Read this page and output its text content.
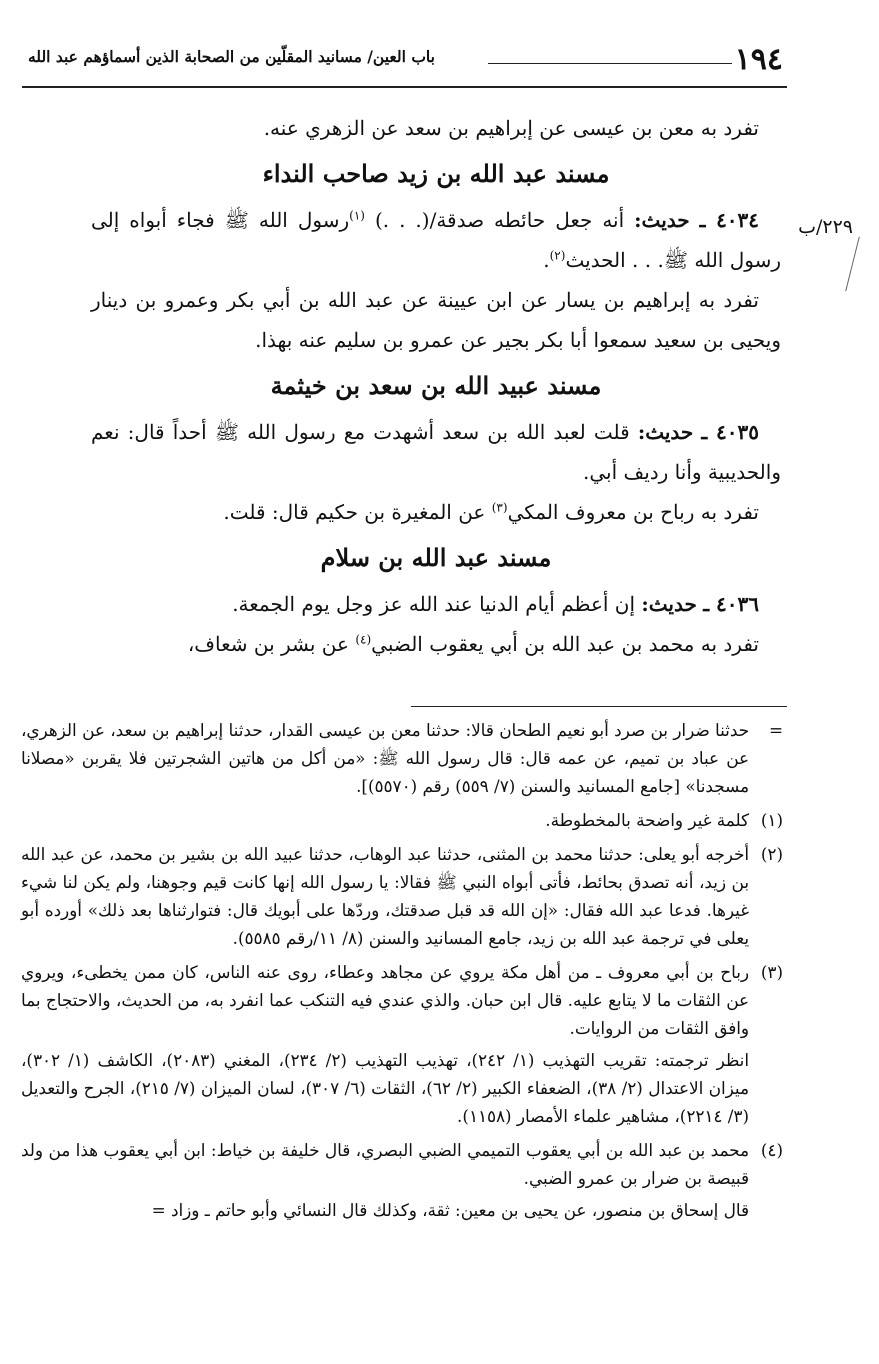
١٩٤
باب العين/ مسانيد المقلّين من الصحابة الذين أسماؤهم عبد الله
٢٢٩/ب

تفرد به معن بن عيسى عن إبراهيم بن سعد عن الزهري عنه.

مسند عبد الله بن زيد صاحب النداء

٤٠٣٤ ـ حديث: أنه جعل حائطه صدقة/(. . .) $^{(١)}$رسول الله ﷺ فجاء أبواه إلى رسول الله ﷺ. . . الحديث$^{(٢)}$.

تفرد به إبراهيم بن يسار عن ابن عيينة عن عبد الله بن أبي بكر وعمرو بن دينار ويحيى بن سعيد سمعوا أبا بكر بجير عن عمرو بن سليم عنه بهذا.

مسند عبيد الله بن سعد بن خيثمة

٤٠٣٥ ـ حديث: قلت لعبد الله بن سعد أشهدت مع رسول الله ﷺ أحداً قال: نعم والحديبية وأنا رديف أبي.

تفرد به رباح بن معروف المكي$^{(٣)}$ عن المغيرة بن حكيم قال: قلت.

مسند عبد الله بن سلام

٤٠٣٦ ـ حديث: إن أعظم أيام الدنيا عند الله عز وجل يوم الجمعة.

تفرد به محمد بن عبد الله بن أبي يعقوب الضبي$^{(٤)}$ عن بشر بن شعاف،

=

حدثنا ضرار بن صرد أبو نعيم الطحان قالا: حدثنا معن بن عيسى القدار، حدثنا إبراهيم بن سعد، عن الزهري، عن عباد بن تميم، عن عمه قال: قال رسول الله ﷺ: «من أكل من هاتين الشجرتين فلا يقربن «مصلانا مسجدنا» [جامع المسانيد والسنن (٧/ ٥٥٩) رقم (٥٥٧٠)].

(١)

كلمة غير واضحة بالمخطوطة.

(٢)

أخرجه أبو يعلى: حدثنا محمد بن المثنى، حدثنا عبد الوهاب، حدثنا عبيد الله بن بشير بن محمد، عن عبد الله بن زيد، أنه تصدق بحائط، فأتى أبواه النبي ﷺ فقالا: يا رسول الله إنها كانت قيم وجوهنا، ولم يكن لنا شيء غيرها. فدعا عبد الله فقال: «إن الله قد قبل صدقتك، وردّها على أبويك قال: فتوارثناها بعد ذلك» أورده أبو يعلى في ترجمة عبد الله بن زيد، جامع المسانيد والسنن (٨/ ١١/رقم ٥٥٨٥).

(٣)

رباح بن أبي معروف ـ من أهل مكة يروي عن مجاهد وعطاء، روى عنه الناس، كان ممن يخطىء، ويروي عن الثقات ما لا يتابع عليه. قال ابن حبان. والذي عندي فيه التنكب عما انفرد به، من الحديث، والاحتجاج بما وافق الثقات من الروايات.

انظر ترجمته: تقريب التهذيب (١/ ٢٤٢)، تهذيب التهذيب (٢/ ٢٣٤)، المغني (٢٠٨٣)، الكاشف (١/ ٣٠٢)، ميزان الاعتدال (٢/ ٣٨)، الضعفاء الكبير (٢/ ٦٢)، الثقات (٦/ ٣٠٧)، لسان الميزان (٧/ ٢١٥)، الجرح والتعديل (٣/ ٢٢١٤)، مشاهير علماء الأمصار (١١٥٨).

(٤)

محمد بن عبد الله بن أبي يعقوب التميمي الضبي البصري، قال خليفة بن خياط: ابن أبي يعقوب هذا من ولد قبيصة بن ضرار بن عمرو الضبي.

قال إسحاق بن منصور، عن يحيى بن معين: ثقة، وكذلك قال النسائي وأبو حاتم ـ وزاد =
